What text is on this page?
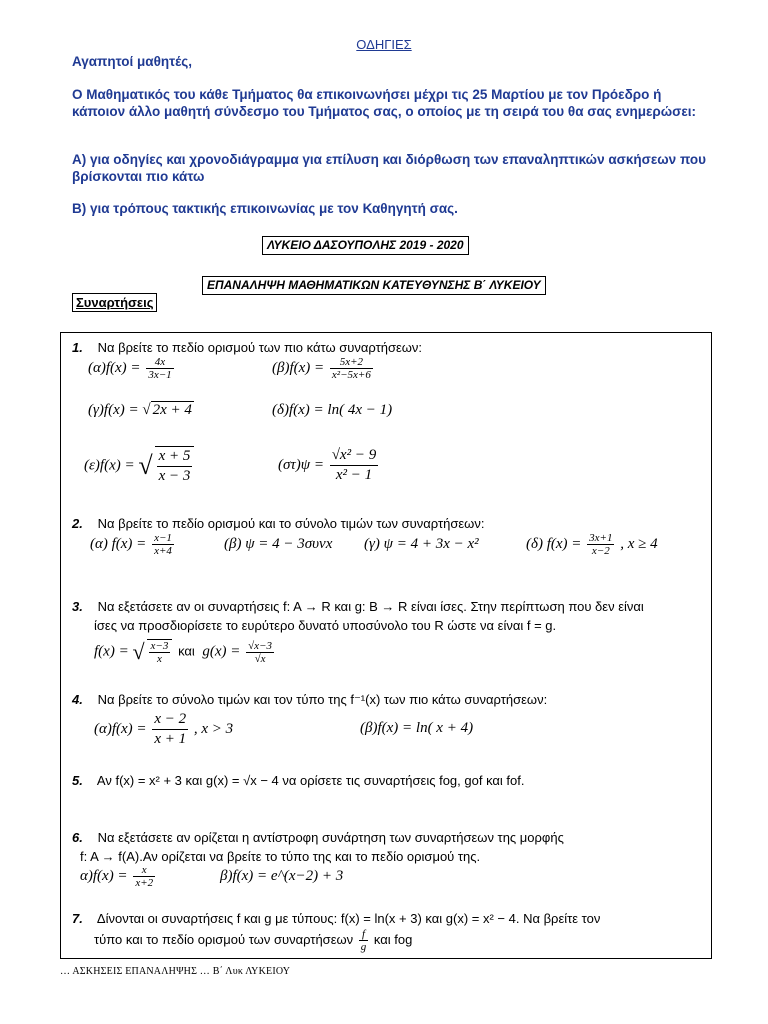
ΟΔΗΓΙΕΣ
Αγαπητοί μαθητές,
Ο Μαθηματικός του κάθε Τμήματος θα επικοινωνήσει μέχρι τις 25 Μαρτίου με τον Πρόεδρο ή κάποιον άλλο μαθητή σύνδεσμο του Τμήματος σας, ο οποίος με τη σειρά του θα σας ενημερώσει:
Α) για οδηγίες και χρονοδιάγραμμα για επίλυση και διόρθωση των επαναληπτικών ασκήσεων που βρίσκονται πιο κάτω
Β) για τρόπους τακτικής επικοινωνίας με τον Καθηγητή σας.
ΛΥΚΕΙΟ ΔΑΣΟΥΠΟΛΗΣ 2019 - 2020
ΕΠΑΝΑΛΗΨΗ ΜΑΘΗΜΑΤΙΚΩΝ ΚΑΤΕΥΘΥΝΣΗΣ Β΄ ΛΥΚΕΙΟΥ
Συναρτήσεις
1. Να βρείτε το πεδίο ορισμού των πιο κάτω συναρτήσεων:
$(\alpha)f(x) = \frac{4x}{3x-1}$	$(\beta)f(x) = \frac{5x+2}{\text{x²−5x+6}}$
(γ)f(x) = √ 2x + 4	(δ)f(x) = ln( 4x − 1)
(ε)f(x) = √ $\frac{x + 5}{x - 3}$	$(\sigma\tau)\psi = \frac{\text{√x² − 9}}{\text{x² − 1}}$
2. Να βρείτε το πεδίο ορισμού και το σύνολο τιμών των συναρτήσεων:
(α) $f(x) = \frac{x-1}{x+4}$	(β) ψ = 4 − 3συνx (γ) ψ = 4 + 3x − x²	(δ) $f(x) = \frac{3x+1}{x-2}$ , x ≥ 4
3. Να εξετάσετε αν οι συναρτήσεις f: A → R και g: B → R είναι ίσες. Στην περίπτωση που δεν είναι
ίσες να προσδιορίσετε το ευρύτερο δυνατό υποσύνολο του R ώστε να είναι f = g.
f(x) = √ $\frac{x-3}{x}$ και $g(x) = \frac{√x-3}{√x}$
4. Να βρείτε το σύνολο τιμών και τον τύπο της f⁻¹(x) των πιο κάτω συναρτήσεων:
$(\alpha)f(x) = \frac{x - 2}{x + 1}$ , x > 3	(β)f(x) = ln( x + 4)
5. Αν f(x) = x² + 3 και g(x) = √x − 4 να ορίσετε τις συναρτήσεις fog, gof και fof.
6. Να εξετάσετε αν ορίζεται η αντίστροφη συνάρτηση των συναρτήσεων της μορφής
f: A → f(A).Αν ορίζεται να βρείτε το τύπο της και το πεδίο ορισμού της.
$\alpha)f(x) = \frac{x}{x+2}$	β)f(x) = e^(x−2) + 3
7. Δίνονται οι συναρτήσεις f και g με τύπους: f(x) = ln(x + 3) και g(x) = x² − 4. Να βρείτε τον
τύπο και το πεδίο ορισμού των συναρτήσεων $\frac{f}{g}$ και fog
… ΑΣΚΗΣΕΙΣ ΕΠΑΝΑΛΗΨΗΣ … Β΄ Λυκ ΛΥΚΕΙΟΥ
